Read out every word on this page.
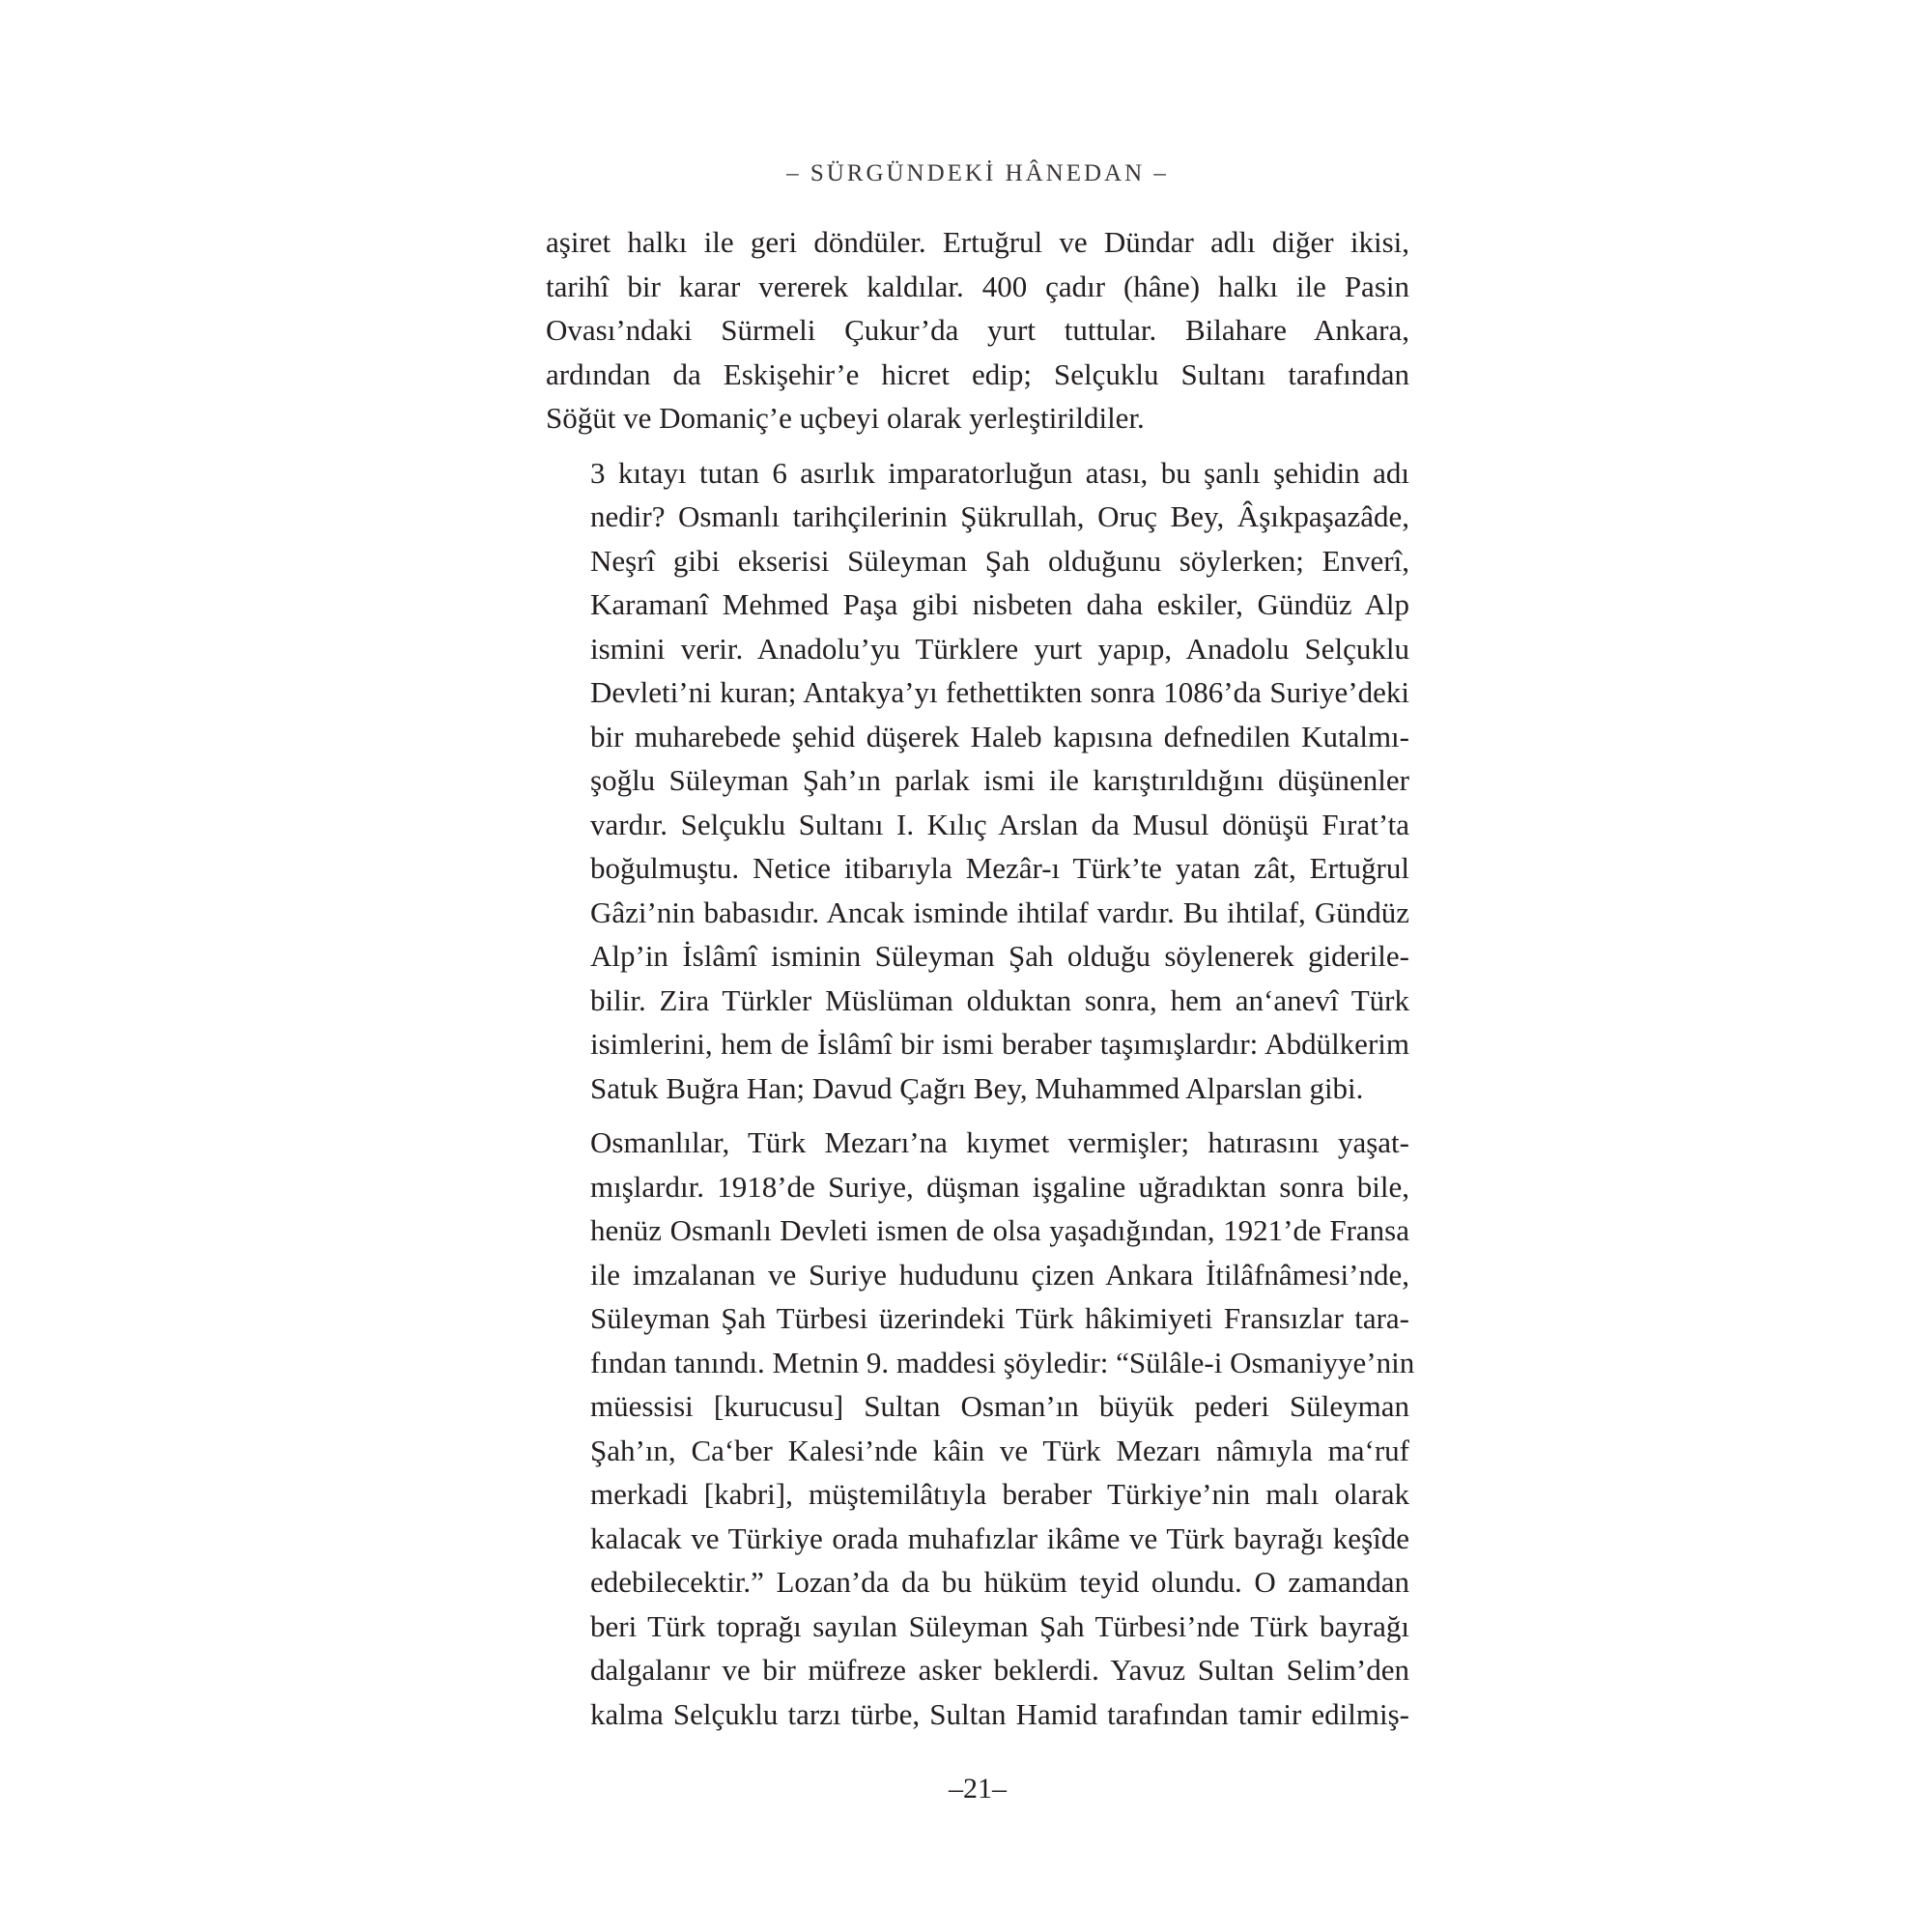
– SÜRGÜNDEKİ HÂNEDAN –

aşiret halkı ile geri döndüler. Ertuğrul ve Dündar adlı diğer ikisi,
tarihî bir karar vererek kaldılar. 400 çadır (hâne) halkı ile Pasin
Ovası’ndaki Sürmeli Çukur’da yurt tuttular. Bilahare Ankara,
ardından da Eskişehir’e hicret edip; Selçuklu Sultanı tarafından
Söğüt ve Domaniç’e uçbeyi olarak yerleştirildiler.

3 kıtayı tutan 6 asırlık imparatorluğun atası, bu şanlı şehidin adı
nedir? Osmanlı tarihçilerinin Şükrullah, Oruç Bey, Âşıkpaşazâde,
Neşrî gibi ekserisi Süleyman Şah olduğunu söylerken; Enverî,
Karamanî Mehmed Paşa gibi nisbeten daha eskiler, Gündüz Alp
ismini verir. Anadolu’yu Türklere yurt yapıp, Anadolu Selçuklu
Devleti’ni kuran; Antakya’yı fethettikten sonra 1086’da Suriye’deki
bir muharebede şehid düşerek Haleb kapısına defnedilen Kutalmı-
şoğlu Süleyman Şah’ın parlak ismi ile karıştırıldığını düşünenler
vardır. Selçuklu Sultanı I. Kılıç Arslan da Musul dönüşü Fırat’ta
boğulmuştu. Netice itibarıyla Mezâr-ı Türk’te yatan zât, Ertuğrul
Gâzi’nin babasıdır. Ancak isminde ihtilaf vardır. Bu ihtilaf, Gündüz
Alp’in İslâmî isminin Süleyman Şah olduğu söylenerek giderile-
bilir. Zira Türkler Müslüman olduktan sonra, hem an‘anevî Türk
isimlerini, hem de İslâmî bir ismi beraber taşımışlardır: Abdülkerim
Satuk Buğra Han; Davud Çağrı Bey, Muhammed Alparslan gibi.

Osmanlılar, Türk Mezarı’na kıymet vermişler; hatırasını yaşat-
mışlardır. 1918’de Suriye, düşman işgaline uğradıktan sonra bile,
henüz Osmanlı Devleti ismen de olsa yaşadığından, 1921’de Fransa
ile imzalanan ve Suriye hududunu çizen Ankara İtilâfnâmesi’nde,
Süleyman Şah Türbesi üzerindeki Türk hâkimiyeti Fransızlar tara-
fından tanındı. Metnin 9. maddesi şöyledir: “Sülâle-i Osmaniyye’nin
müessisi [kurucusu] Sultan Osman’ın büyük pederi Süleyman
Şah’ın, Ca‘ber Kalesi’nde kâin ve Türk Mezarı nâmıyla ma‘ruf
merkadi [kabri], müştemilâtıyla beraber Türkiye’nin malı olarak
kalacak ve Türkiye orada muhafızlar ikâme ve Türk bayrağı keşîde
edebilecektir.” Lozan’da da bu hüküm teyid olundu. O zamandan
beri Türk toprağı sayılan Süleyman Şah Türbesi’nde Türk bayrağı
dalgalanır ve bir müfreze asker beklerdi. Yavuz Sultan Selim’den
kalma Selçuklu tarzı türbe, Sultan Hamid tarafından tamir edilmiş-

–21–
